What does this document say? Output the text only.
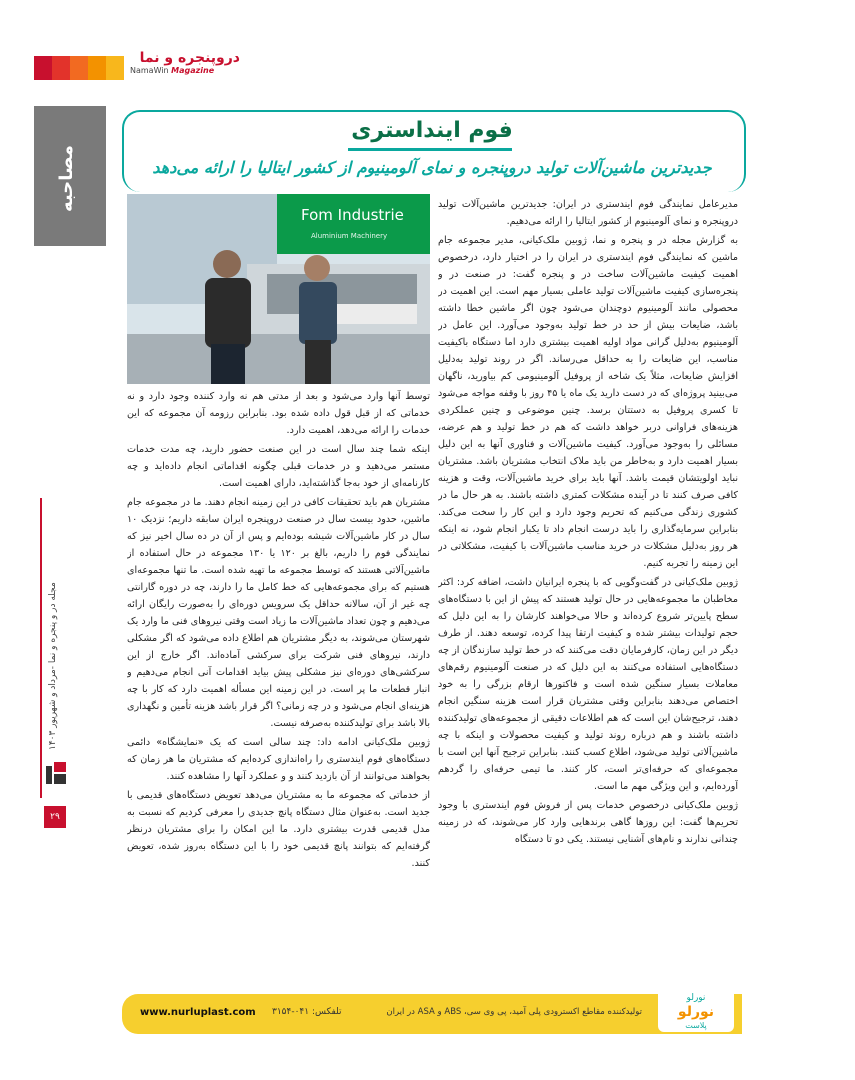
دروپنجره و نما
NamaWin Magazine
مصاحبه
مجله در و پنجره و نما -مرداد و شهریور ۱۴۰۳
۲۹
فوم اینداستری
جدیدترین ماشین‌آلات تولید درو‌پنجره و نمای آلومینیوم از کشور ایتالیا را ارائه می‌دهد
Fom Industrie
Aluminium Machinery

مدیرعامل نمایندگی فوم ایندستری در ایران: جدیدترین ماشین‌آلات تولید درو‌پنجره و نمای آلومینیوم از کشور ایتالیا را ارائه می‌دهیم.

به گزارش مجله در و پنجره و نما، ژوبین ملک‌کیانی، مدیر مجموعه جام ماشین که نمایندگی فوم ایندستری در ایران را در اختیار دارد، درخصوص اهمیت کیفیت ماشین‌آلات ساخت در و پنجره گفت: در صنعت در و پنجره‌سازی کیفیت ماشین‌آلات تولید عاملی بسیار مهم است. این اهمیت در محصولی مانند آلومینیوم دوچندان می‌شود چون اگر ماشین خطا داشته باشد، ضایعات بیش از حد در خط تولید به‌وجود می‌آورد. این عامل در آلومینیوم به‌دلیل گرانی مواد اولیه اهمیت بیشتری دارد اما دستگاه باکیفیت مناسب، این ضایعات را به حداقل می‌رساند. اگر در روند تولید به‌دلیل افزایش ضایعات، مثلاً یک شاخه از پروفیل آلومینیومی کم بیاورید، ناگهان می‌بینید پروژه‌ای که در دست دارید یک ماه یا ۴۵ روز با وقفه مواجه می‌شود تا کسری پروفیل به دستتان برسد. چنین موضوعی و چنین عملکردی هزینه‌های فراوانی دربر خواهد داشت که هم در خط تولید و هم عرضه، مسائلی را به‌وجود می‌آورد. کیفیت ماشین‌آلات و فناوری آنها به این دلیل بسیار اهمیت دارد و به‌خاطر من باید ملاک انتخاب مشتریان باشد. مشتریان نباید اولویتشان قیمت باشد. آنها باید برای خرید ماشین‌آلات، وقت و هزینه کافی صرف کنند تا در آینده مشکلات کمتری داشته باشند. به هر حال ما در کشوری زندگی می‌کنیم که تحریم وجود دارد و این کار را سخت می‌کند. بنابراین سرمایه‌گذاری را باید درست انجام داد تا یکبار انجام شود، نه اینکه هر روز به‌دلیل مشکلات در خرید مناسب ماشین‌آلات با کیفیت، مشکلاتی در این زمینه را تجربه کنیم.

ژوبین ملک‌کیانی در گفت‌وگویی که با پنجره ایرانیان داشت، اضافه کرد: اکثر مخاطبان ما مجموعه‌هایی در حال تولید هستند که پیش از این با دستگاه‌های سطح پایین‌تر شروع کرده‌اند و حالا می‌خواهند کارشان را به این دلیل که حجم تولیدات بیشتر شده و کیفیت ارتقا پیدا کرده، توسعه دهند. از طرف دیگر در این زمان، کارفرمایان دقت می‌کنند که در خط تولید سازندگان از چه دستگاه‌هایی استفاده می‌کنند به این دلیل که در صنعت آلومینیوم رقم‌های معاملات بسیار سنگین شده است و فاکتورها ارقام بزرگی را به خود اختصاص می‌دهند بنابراین وقتی مشتریان قرار است هزینه سنگین انجام دهند، ترجیح‌شان این است که هم اطلاعات دقیقی از مجموعه‌های تولیدکننده داشته باشند و هم درباره روند تولید و کیفیت محصولات و اینکه با چه ماشین‌آلاتی تولید می‌شود، اطلاع کسب کنند. بنابراین ترجیح آنها این است با مجموعه‌ای که حرفه‌ای‌تر است، کار کنند. ما تیمی حرفه‌ای را گردهم آورده‌ایم، و این ویژگی مهم ما است.

ژوبین ملک‌کیانی درخصوص خدمات پس از فروش فوم ایندستری با وجود تحریم‌ها گفت: این روزها گاهی برندهایی وارد کار می‌شوند، که در زمینه چندانی ندارند و نام‌های آشنایی نیستند. یکی دو تا دستگاه

توسط آنها وارد می‌شود و بعد از مدتی هم نه وارد کننده وجود دارد و نه خدماتی که از قبل قول داده شده بود. بنابراین رزومه آن مجموعه که این خدمات را ارائه می‌دهد، اهمیت دارد.

اینکه شما چند سال است در این صنعت حضور دارید، چه مدت خدمات مستمر می‌دهید و در خدمات قبلی چگونه اقداماتی انجام داده‌اید و چه کارنامه‌ای از خود به‌جا گذاشته‌اید، دارای اهمیت است.

مشتریان هم باید تحقیقات کافی در این زمینه انجام دهند. ما در مجموعه جام ماشین، حدود بیست سال در صنعت درو‌پنجره ایران سابقه داریم؛ نزدیک ۱۰ سال در کار ماشین‌آلات شیشه بوده‌ایم و پس از آن در ده سال اخیر نیز که نمایندگی فوم را داریم، بالغ بر ۱۲۰ یا ۱۳۰ مجموعه در حال استفاده از ماشین‌آلاتی هستند که توسط مجموعه ما تهیه شده است. ما تنها مجموعه‌ای هستیم که برای مجموعه‌هایی که خط کامل ما را دارند، چه در دوره گارانتی چه غیر از آن، سالانه حداقل یک سرویس دوره‌ای را به‌صورت رایگان ارائه می‌دهیم و چون تعداد ماشین‌آلات ما زیاد است وقتی نیروهای فنی ما وارد یک شهرستان می‌شوند، به دیگر مشتریان هم اطلاع داده می‌شود که اگر مشکلی دارند، نیروهای فنی شرکت برای سرکشی آماده‌اند. اگر خارج از این سرکشی‌های دوره‌ای نیز مشکلی پیش بیاید اقدامات آنی انجام می‌دهیم و انبار قطعات ما پر است. در این زمینه این مسأله اهمیت دارد که کار با چه هزینه‌ای انجام می‌شود و در چه زمانی؟ اگر قرار باشد هزینه تأمین و نگهداری بالا باشد برای تولیدکننده به‌صرفه نیست.

ژوبین ملک‌کیانی ادامه داد: چند سالی است که یک «نمایشگاه» دائمی دستگاه‌های فوم ایندستری را راه‌اندازی کرده‌ایم که مشتریان ما هر زمان که بخواهند می‌توانند از آن بازدید کنند و و عملکرد آنها را مشاهده کنند.

از خدماتی که مجموعه ما به مشتریان می‌دهد تعویض دستگاه‌های قدیمی با جدید است. به‌عنوان مثال دستگاه پانچ جدیدی را معرفی کردیم که نسبت به مدل قدیمی قدرت بیشتری دارد. ما این امکان را برای مشتریان درنظر گرفته‌ایم که بتوانند پانچ قدیمی خود را با این دستگاه به‌روز شده، تعویض کنند.

www.nurluplast.com تلفکس: ۰۴۱-۳۱۵۴	تولیدکننده مقاطع اکسترودی پلی آمید، پی وی سی، ABS و ASA در ایران
نورلو
نورلو
پلاست
